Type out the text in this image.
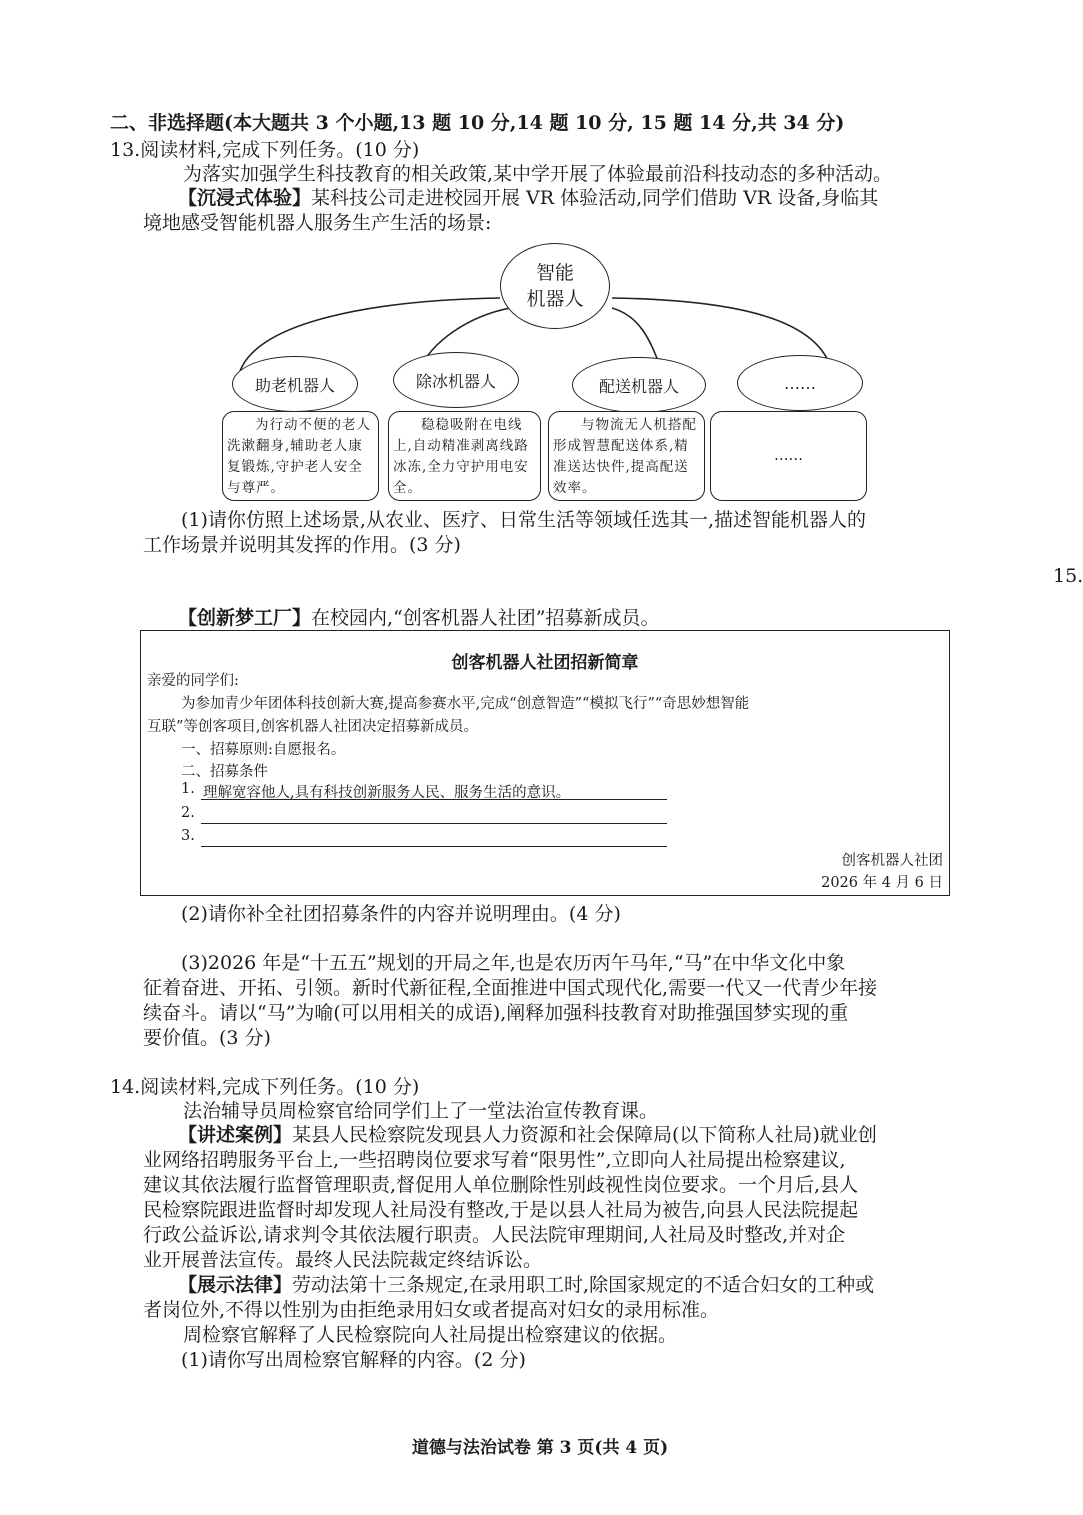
二、非选择题(本大题共 3 个小题,13 题 10 分,14 题 10 分, 15 题 14 分,共 34 分)
13.阅读材料,完成下列任务。(10 分)
为落实加强学生科技教育的相关政策,某中学开展了体验最前沿科技动态的多种活动。
【沉浸式体验】某科技公司走进校园开展 VR 体验活动,同学们借助 VR 设备,身临其
境地感受智能机器人服务生产生活的场景:
智能
机器人
助老机器人	除冰机器人	配送机器人	……
为行动不便的老人洗漱翻身,辅助老人康复锻炼,守护老人安全与尊严。
稳稳吸附在电线上,自动精准剥离线路冰冻,全力守护用电安全。
与物流无人机搭配形成智慧配送体系,精准送达快件,提高配送效率。
……
(1)请你仿照上述场景,从农业、医疗、日常生活等领域任选其一,描述智能机器人的
工作场景并说明其发挥的作用。(3 分)
15.
【创新梦工厂】在校园内,“创客机器人社团”招募新成员。
创客机器人社团招新简章
亲爱的同学们:
为参加青少年团体科技创新大赛,提高参赛水平,完成“创意智造”“模拟飞行”“奇思妙想智能
互联”等创客项目,创客机器人社团决定招募新成员。
一、招募原则:自愿报名。
二、招募条件
1. 理解宽容他人,具有科技创新服务人民、服务生活的意识。
2.
3.
创客机器人社团
2026 年 4 月 6 日
(2)请你补全社团招募条件的内容并说明理由。(4 分)
(3)2026 年是“十五五”规划的开局之年,也是农历丙午马年,“马”在中华文化中象
征着奋进、开拓、引领。新时代新征程,全面推进中国式现代化,需要一代又一代青少年接
续奋斗。请以“马”为喻(可以用相关的成语),阐释加强科技教育对助推强国梦实现的重
要价值。(3 分)
14.阅读材料,完成下列任务。(10 分)
法治辅导员周检察官给同学们上了一堂法治宣传教育课。
【讲述案例】某县人民检察院发现县人力资源和社会保障局(以下简称人社局)就业创
业网络招聘服务平台上,一些招聘岗位要求写着“限男性”,立即向人社局提出检察建议,
建议其依法履行监督管理职责,督促用人单位删除性别歧视性岗位要求。一个月后,县人
民检察院跟进监督时却发现人社局没有整改,于是以县人社局为被告,向县人民法院提起
行政公益诉讼,请求判令其依法履行职责。人民法院审理期间,人社局及时整改,并对企
业开展普法宣传。最终人民法院裁定终结诉讼。
【展示法律】劳动法第十三条规定,在录用职工时,除国家规定的不适合妇女的工种或
者岗位外,不得以性别为由拒绝录用妇女或者提高对妇女的录用标准。
周检察官解释了人民检察院向人社局提出检察建议的依据。
(1)请你写出周检察官解释的内容。(2 分)
道德与法治试卷 第 3 页(共 4 页)
